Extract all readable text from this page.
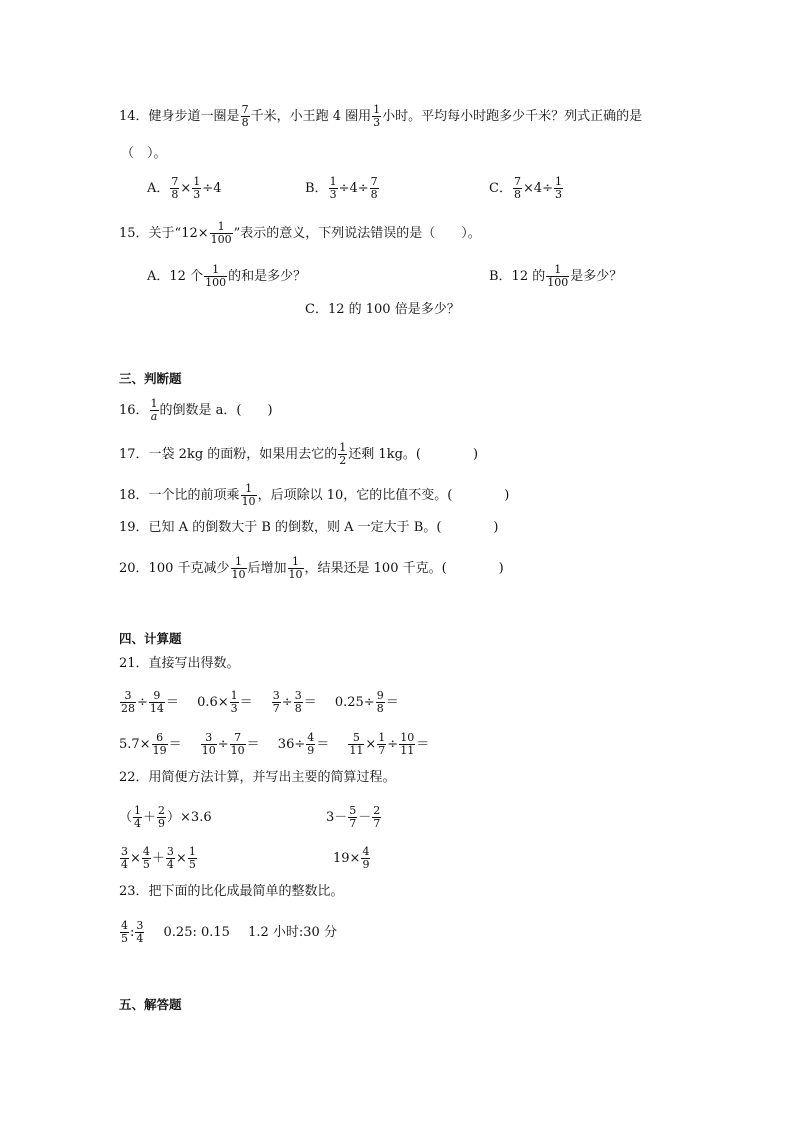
14．健身步道一圈是 $\frac{7}{8}$ 千米，小王跑 4 圈用 $\frac{1}{3}$ 小时。平均每小时跑多少千米？列式正确的是
（　）。
A． $\frac{7}{8} \times \frac{1}{3} \div 4$	B． $\frac{1}{3} \div 4\div \frac{7}{8}$	C． $\frac{7}{8} \times 4\div \frac{1}{3}$
15．关于“$12\times \frac{1}{100}$ ”表示的意义，下列说法错误的是（　　）。
A．12 个 $\frac{1}{100}$ 的和是多少？	B．12 的 $\frac{1}{100}$ 是多少？
C．12 的 100 倍是多少？
三、判断题
16． $\frac{1}{a}$ 的倒数是 a．(　　)
17．一袋 2kg 的面粉，如果用去它的 $\frac{1}{2}$ 还剩 1kg。(　　　　)
18．一个比的前项乘 $\frac{1}{10}$ ，后项除以 10，它的比值不变。(　　　　)
19．已知 A 的倒数大于 B 的倒数，则 A 一定大于 B。(　　　　)
20．100 千克减少 $\frac{1}{10}$ 后增加 $\frac{1}{10}$ ，结果还是 100 千克。(　　　　)
四、计算题
21．直接写出得数。
$\frac{3}{28} \div \frac{9}{14} = 0.6\times \frac{1}{3} = \frac{3}{7} \div \frac{3}{8} = 0.25\div \frac{9}{8}$ ＝
$5.7\times \frac{6}{19} = \frac{3}{10} \div \frac{7}{10} = 36\div \frac{4}{9} = \frac{5}{11} \times \frac{1}{7} \div \frac{10}{11}$ ＝
22．用简便方法计算，并写出主要的简算过程。
（ $\frac{1}{4} + \frac{2}{9} )\times 3.6$	$3- \frac{5}{7} - \frac{2}{7}$
$\frac{3}{4} \times \frac{4}{5} + \frac{3}{4} \times \frac{1}{5}$	$19\times \frac{4}{9}$
23．把下面的比化成最简单的整数比。
$\frac{4}{5}$ : $\frac{3}{4} 0.25$: 0.15 1.2 小时:30 分
五、解答题
